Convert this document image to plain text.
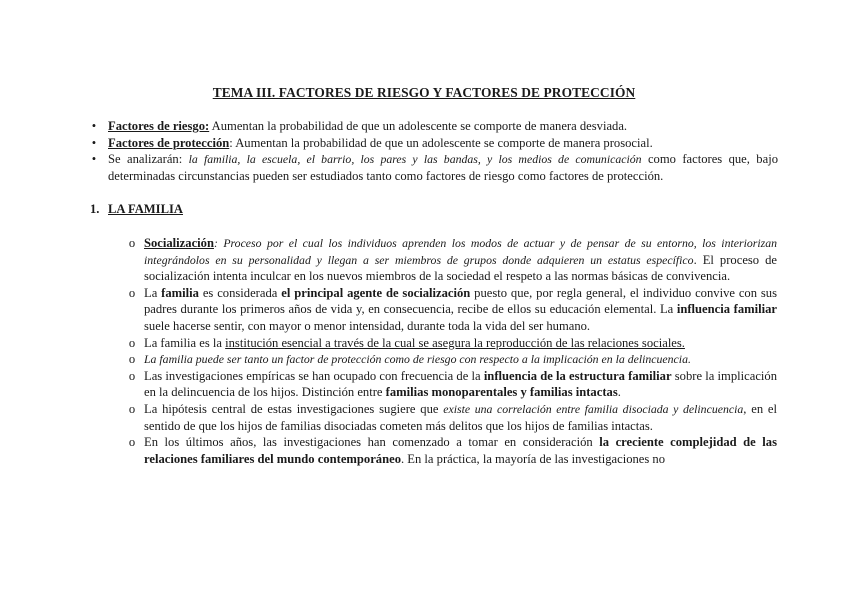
TEMA III. FACTORES DE RIESGO Y FACTORES DE PROTECCIÓN
• Factores de riesgo: Aumentan la probabilidad de que un adolescente se comporte de manera desviada.
• Factores de protección: Aumentan la probabilidad de que un adolescente se comporte de manera prosocial.
• Se analizarán: la familia, la escuela, el barrio, los pares y las bandas, y los medios de comunicación como factores que, bajo determinadas circunstancias pueden ser estudiados tanto como factores de riesgo como factores de protección.
1. LA FAMILIA
o Socialización: Proceso por el cual los individuos aprenden los modos de actuar y de pensar de su entorno, los interiorizan integrándolos en su personalidad y llegan a ser miembros de grupos donde adquieren un estatus específico. El proceso de socialización intenta inculcar en los nuevos miembros de la sociedad el respeto a las normas básicas de convivencia.
o La familia es considerada el principal agente de socialización puesto que, por regla general, el individuo convive con sus padres durante los primeros años de vida y, en consecuencia, recibe de ellos su educación elemental. La influencia familiar suele hacerse sentir, con mayor o menor intensidad, durante toda la vida del ser humano.
o La familia es la institución esencial a través de la cual se asegura la reproducción de las relaciones sociales.
o La familia puede ser tanto un factor de protección como de riesgo con respecto a la implicación en la delincuencia.
o Las investigaciones empíricas se han ocupado con frecuencia de la influencia de la estructura familiar sobre la implicación en la delincuencia de los hijos. Distinción entre familias monoparentales y familias intactas.
o La hipótesis central de estas investigaciones sugiere que existe una correlación entre familia disociada y delincuencia, en el sentido de que los hijos de familias disociadas cometen más delitos que los hijos de familias intactas.
o En los últimos años, las investigaciones han comenzado a tomar en consideración la creciente complejidad de las relaciones familiares del mundo contemporáneo. En la práctica, la mayoría de las investigaciones no
